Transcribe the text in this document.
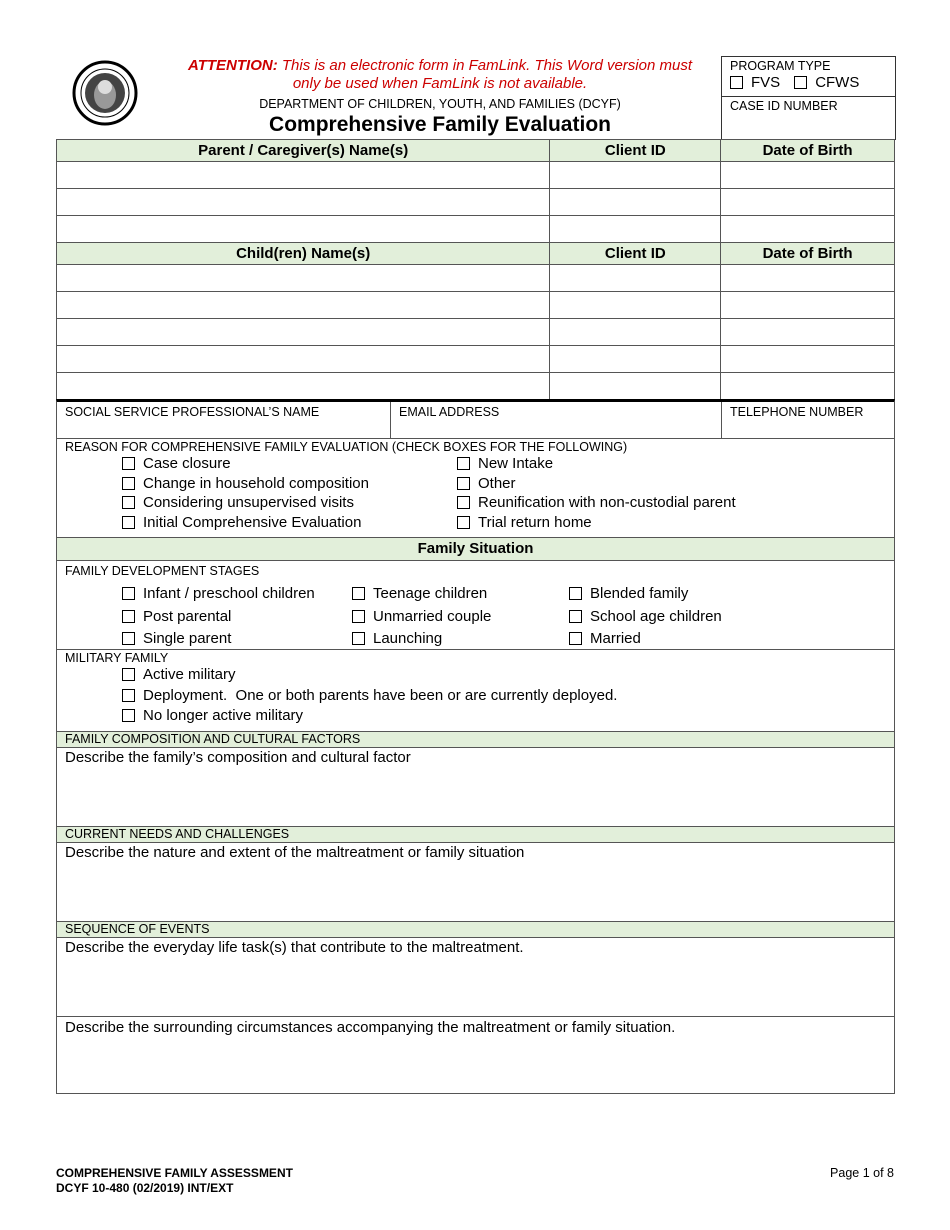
ATTENTION: This is an electronic form in FamLink. This Word version must
only be used when FamLink is not available.
DEPARTMENT OF CHILDREN, YOUTH, AND FAMILIES (DCYF)
Comprehensive Family Evaluation
PROGRAM TYPE
FVS CFWS
CASE ID NUMBER
Parent / Caregiver(s) Name(s)	Client ID	Date of Birth

Child(ren) Name(s)	Client ID	Date of Birth

SOCIAL SERVICE PROFESSIONAL’S NAME	EMAIL ADDRESS	TELEPHONE NUMBER
REASON FOR COMPREHENSIVE FAMILY EVALUATION (CHECK BOXES FOR THE FOLLOWING)
Case closure
Change in household composition
Considering unsupervised visits
Initial Comprehensive Evaluation
New Intake
Other
Reunification with non-custodial parent
Trial return home
Family Situation
FAMILY DEVELOPMENT STAGES
Infant / preschool children
Post parental
Single parent
Teenage children
Unmarried couple
Launching
Blended family
School age children
Married
MILITARY FAMILY
Active military
Deployment.  One or both parents have been or are currently deployed.
No longer active military
FAMILY COMPOSITION AND CULTURAL FACTORS
Describe the family’s composition and cultural factor
CURRENT NEEDS AND CHALLENGES
Describe the nature and extent of the maltreatment or family situation
SEQUENCE OF EVENTS
Describe the everyday life task(s) that contribute to the maltreatment.
Describe the surrounding circumstances accompanying the maltreatment or family situation.
COMPREHENSIVE FAMILY ASSESSMENT
DCYF 10-480 (02/2019) INT/EXT
Page 1 of 8
